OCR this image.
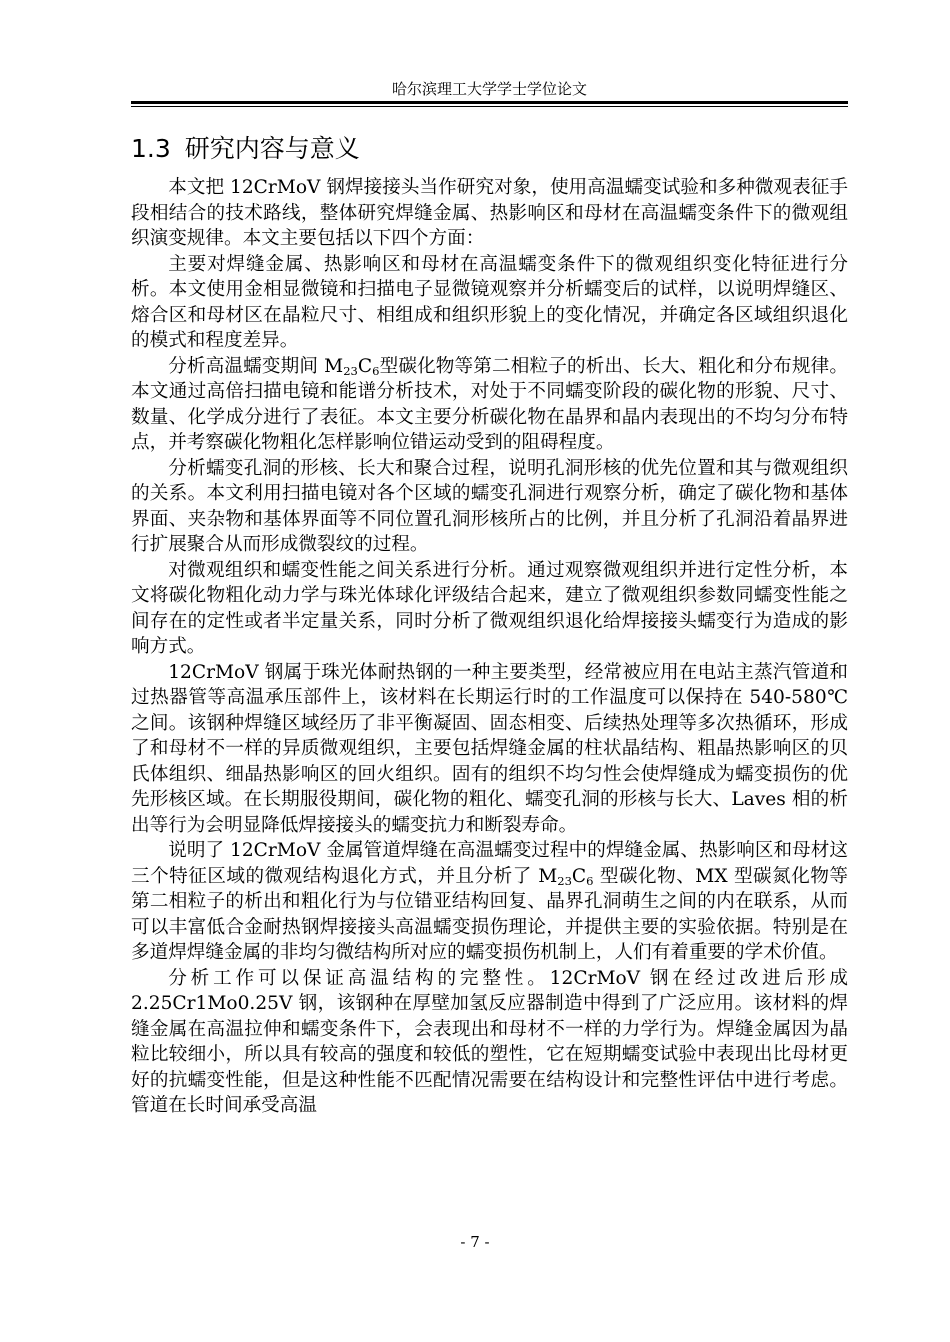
哈尔滨理工大学学士学位论文
1.3 研究内容与意义

本文把 12CrMoV 钢焊接接头当作研究对象，使用高温蠕变试验和多种微观表征手段相结合的技术路线，整体研究焊缝金属、热影响区和母材在高温蠕变条件下的微观组织演变规律。本文主要包括以下四个方面：

主要对焊缝金属、热影响区和母材在高温蠕变条件下的微观组织变化特征进行分析。本文使用金相显微镜和扫描电子显微镜观察并分析蠕变后的试样，以说明焊缝区、熔合区和母材区在晶粒尺寸、相组成和组织形貌上的变化情况，并确定各区域组织退化的模式和程度差异。

分析高温蠕变期间 $M_{23}C_6$型碳化物等第二相粒子的析出、长大、粗化和分布规律。本文通过高倍扫描电镜和能谱分析技术，对处于不同蠕变阶段的碳化物的形貌、尺寸、数量、化学成分进行了表征。本文主要分析碳化物在晶界和晶内表现出的不均匀分布特点，并考察碳化物粗化怎样影响位错运动受到的阻碍程度。

分析蠕变孔洞的形核、长大和聚合过程，说明孔洞形核的优先位置和其与微观组织的关系。本文利用扫描电镜对各个区域的蠕变孔洞进行观察分析，确定了碳化物和基体界面、夹杂物和基体界面等不同位置孔洞形核所占的比例，并且分析了孔洞沿着晶界进行扩展聚合从而形成微裂纹的过程。

对微观组织和蠕变性能之间关系进行分析。通过观察微观组织并进行定性分析，本文将碳化物粗化动力学与珠光体球化评级结合起来，建立了微观组织参数同蠕变性能之间存在的定性或者半定量关系，同时分析了微观组织退化给焊接接头蠕变行为造成的影响方式。

12CrMoV 钢属于珠光体耐热钢的一种主要类型，经常被应用在电站主蒸汽管道和过热器管等高温承压部件上，该材料在长期运行时的工作温度可以保持在 540-580℃之间。该钢种焊缝区域经历了非平衡凝固、固态相变、后续热处理等多次热循环，形成了和母材不一样的异质微观组织，主要包括焊缝金属的柱状晶结构、粗晶热影响区的贝氏体组织、细晶热影响区的回火组织。固有的组织不均匀性会使焊缝成为蠕变损伤的优先形核区域。在长期服役期间，碳化物的粗化、蠕变孔洞的形核与长大、Laves 相的析出等行为会明显降低焊接接头的蠕变抗力和断裂寿命。

说明了 12CrMoV 金属管道焊缝在高温蠕变过程中的焊缝金属、热影响区和母材这三个特征区域的微观结构退化方式，并且分析了 $M_{23}C_6$ 型碳化物、MX 型碳氮化物等第二相粒子的析出和粗化行为与位错亚结构回复、晶界孔洞萌生之间的内在联系，从而可以丰富低合金耐热钢焊接接头高温蠕变损伤理论，并提供主要的实验依据。特别是在多道焊焊缝金属的非均匀微结构所对应的蠕变损伤机制上，人们有着重要的学术价值。

分析工作可以保证高温结构的完整性。12CrMoV 钢在经过改进后形成 2.25Cr1Mo0.25V 钢，该钢种在厚壁加氢反应器制造中得到了广泛应用。该材料的焊缝金属在高温拉伸和蠕变条件下，会表现出和母材不一样的力学行为。焊缝金属因为晶粒比较细小，所以具有较高的强度和较低的塑性，它在短期蠕变试验中表现出比母材更好的抗蠕变性能，但是这种性能不匹配情况需要在结构设计和完整性评估中进行考虑。管道在长时间承受高温

- 7 -
